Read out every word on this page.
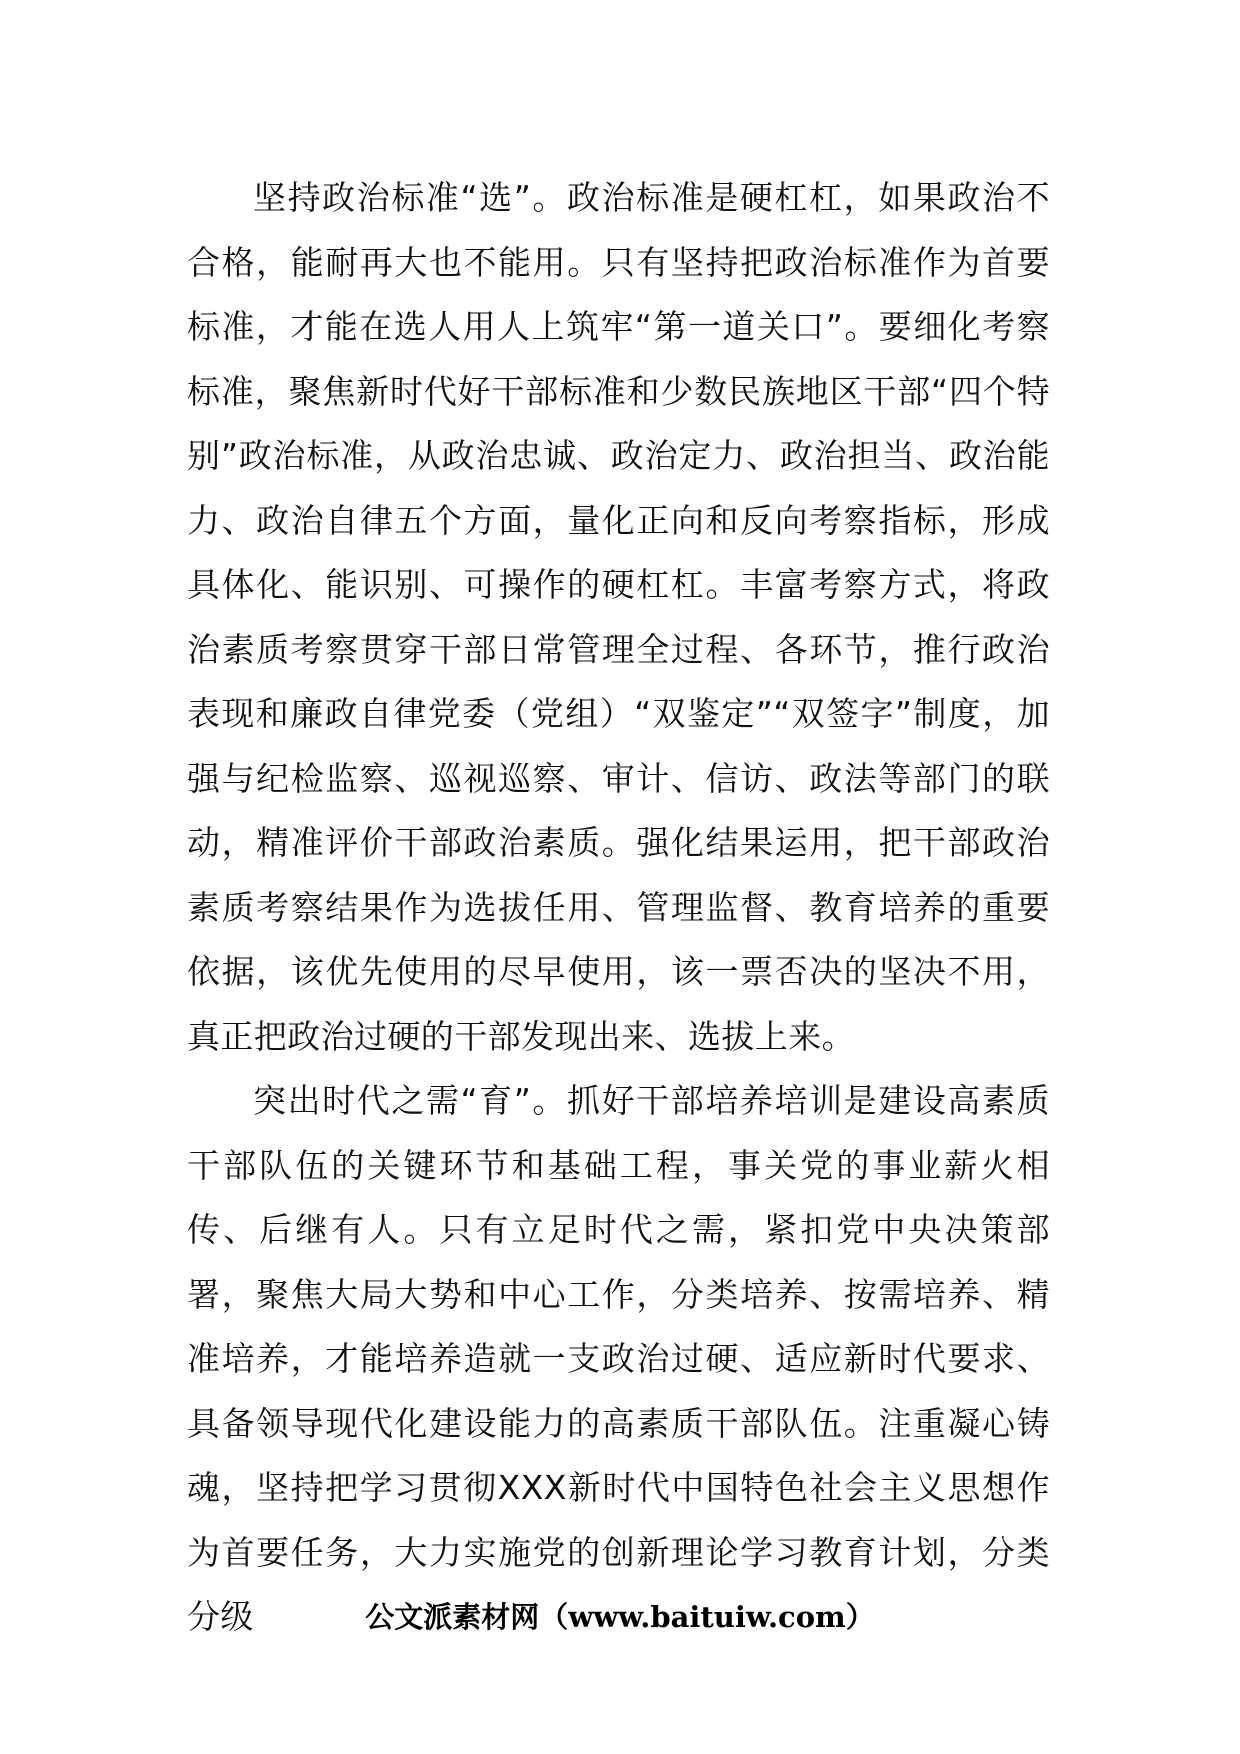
坚持政治标准“选”。政治标准是硬杠杠，如果政治不合格，能耐再大也不能用。只有坚持把政治标准作为首要标准，才能在选人用人上筑牢“第一道关口”。要细化考察标准，聚焦新时代好干部标准和少数民族地区干部“四个特别”政治标准，从政治忠诚、政治定力、政治担当、政治能力、政治自律五个方面，量化正向和反向考察指标，形成具体化、能识别、可操作的硬杠杠。丰富考察方式，将政治素质考察贯穿干部日常管理全过程、各环节，推行政治表现和廉政自律党委（党组）“双鉴定”“双签字”制度，加强与纪检监察、巡视巡察、审计、信访、政法等部门的联动，精准评价干部政治素质。强化结果运用，把干部政治素质考察结果作为选拔任用、管理监督、教育培养的重要依据，该优先使用的尽早使用，该一票否决的坚决不用，真正把政治过硬的干部发现出来、选拔上来。

突出时代之需“育”。抓好干部培养培训是建设高素质干部队伍的关键环节和基础工程，事关党的事业薪火相传、后继有人。只有立足时代之需，紧扣党中央决策部署，聚焦大局大势和中心工作，分类培养、按需培养、精准培养，才能培养造就一支政治过硬、适应新时代要求、具备领导现代化建设能力的高素质干部队伍。注重凝心铸魂，坚持把学习贯彻XXX新时代中国特色社会主义思想作为首要任务，大力实施党的创新理论学习教育计划，分类分级	公文派素材网（www.baituiw.com）
